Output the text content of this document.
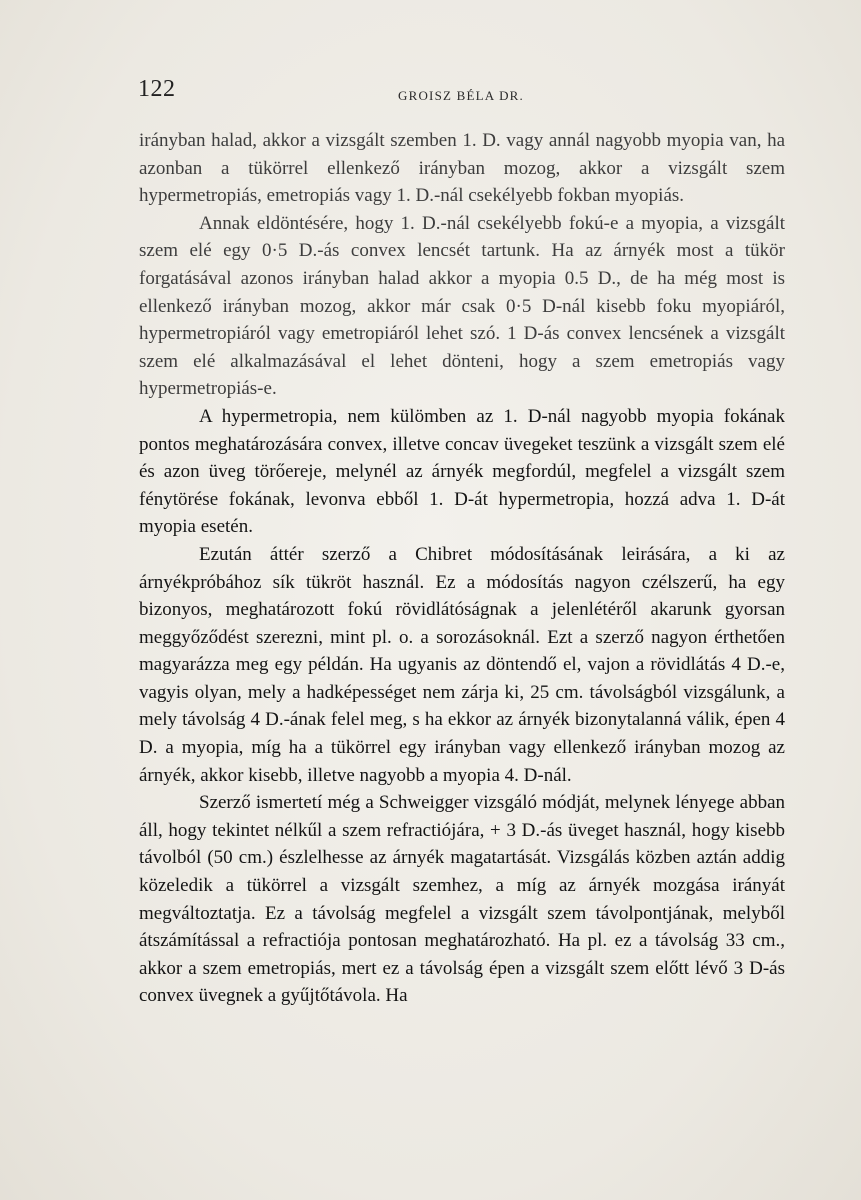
122	GROISZ BÉLA DR.

irányban halad, akkor a vizsgált szemben 1. D. vagy annál nagyobb myopia van, ha azonban a tükörrel ellenkező irányban mozog, akkor a vizsgált szem hypermetropiás, emetropiás vagy 1. D.-nál csekélyebb fokban myopiás.

Annak eldöntésére, hogy 1. D.-nál csekélyebb fokú-e a myopia, a vizsgált szem elé egy 0·5 D.-ás convex lencsét tartunk. Ha az árnyék most a tükör forgatásával azonos irányban halad akkor a myopia 0.5 D., de ha még most is ellenkező irányban mozog, akkor már csak 0·5 D-nál kisebb foku myopiáról, hypermetropiáról vagy emetropiáról lehet szó. 1 D-ás convex lencsének a vizsgált szem elé alkalmazásával el lehet dönteni, hogy a szem emetropiás vagy hypermetropiás-e.

A hypermetropia, nem külömben az 1. D-nál nagyobb myopia fokának pontos meghatározására convex, illetve concav üvegeket teszünk a vizsgált szem elé és azon üveg törőereje, melynél az árnyék megfordúl, megfelel a vizsgált szem fénytörése fokának, levonva ebből 1. D-át hypermetropia, hozzá adva 1. D-át myopia esetén.

Ezután áttér szerző a Chibret módosításának leirására, a ki az árnyékpróbához sík tükröt használ. Ez a módosítás nagyon czélszerű, ha egy bizonyos, meghatározott fokú rövidlátóságnak a jelenlétéről akarunk gyorsan meggyőződést szerezni, mint pl. o. a sorozásoknál. Ezt a szerző nagyon érthetően magyarázza meg egy példán. Ha ugyanis az döntendő el, vajon a rövidlátás 4 D.-e, vagyis olyan, mely a hadképességet nem zárja ki, 25 cm. távolságból vizsgálunk, a mely távolság 4 D.-ának felel meg, s ha ekkor az árnyék bizonytalanná válik, épen 4 D. a myopia, míg ha a tükörrel egy irányban vagy ellenkező irányban mozog az árnyék, akkor kisebb, illetve nagyobb a myopia 4. D-nál.

Szerző ismertetí még a Schweigger vizsgáló módját, melynek lényege abban áll, hogy tekintet nélkűl a szem refractiójára, + 3 D.-ás üveget használ, hogy kisebb távolból (50 cm.) észlelhesse az árnyék magatartását. Vizsgálás közben aztán addig közeledik a tükörrel a vizsgált szemhez, a míg az árnyék mozgása irányát megváltoztatja. Ez a távolság megfelel a vizsgált szem távolpontjának, melyből átszámítással a refractiója pontosan meghatározható. Ha pl. ez a távolság 33 cm., akkor a szem emetropiás, mert ez a távolság épen a vizsgált szem előtt lévő 3 D-ás convex üvegnek a gyűjtőtávola. Ha
